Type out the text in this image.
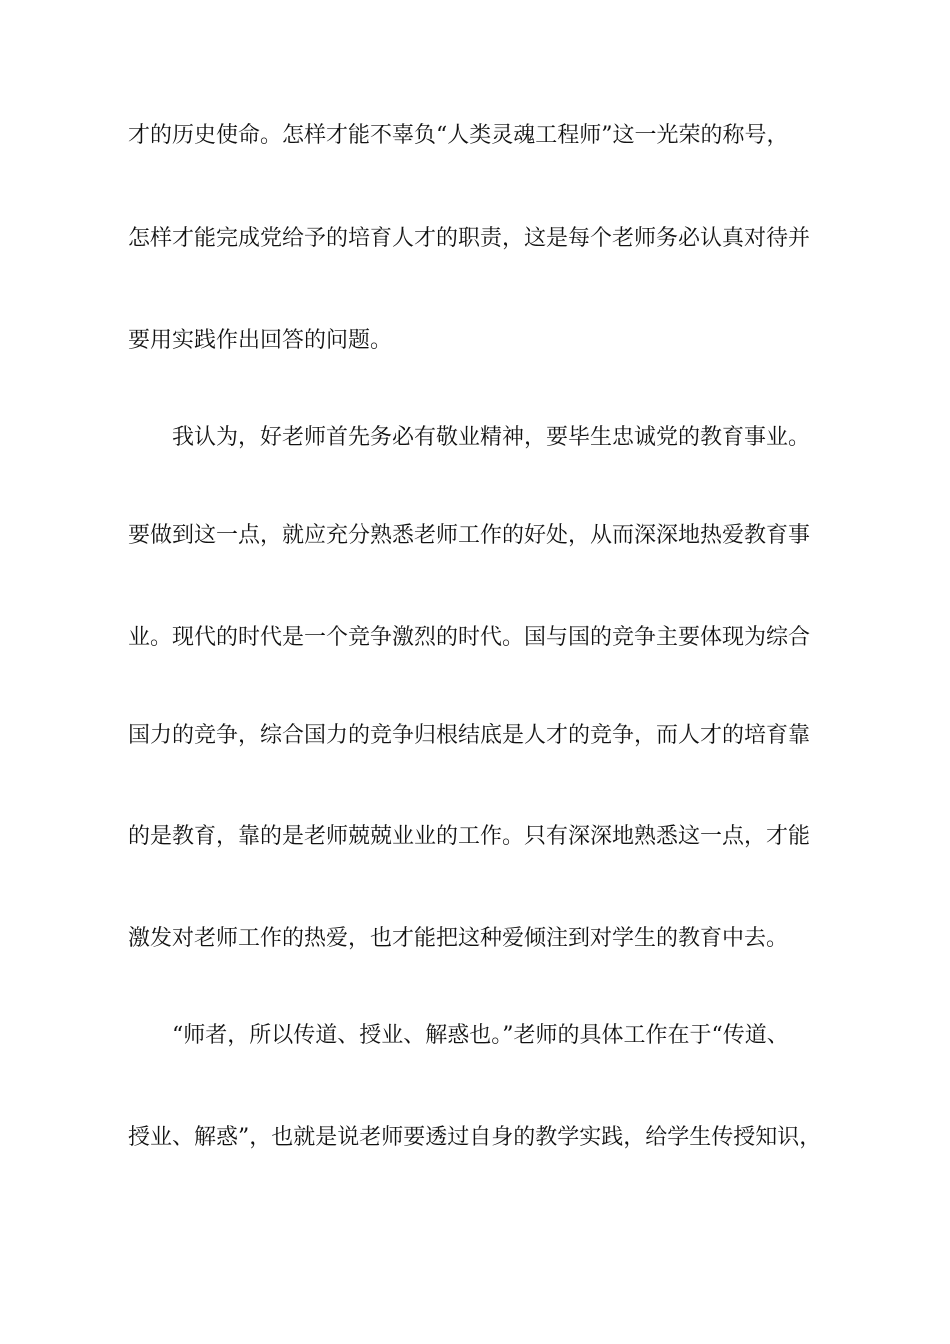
才的历史使命。怎样才能不辜负“人类灵魂工程师”这一光荣的称号，
怎样才能完成党给予的培育人才的职责，这是每个老师务必认真对待并
要用实践作出回答的问题。
我认为，好老师首先务必有敬业精神，要毕生忠诚党的教育事业。
要做到这一点，就应充分熟悉老师工作的好处，从而深深地热爱教育事
业。现代的时代是一个竞争激烈的时代。国与国的竞争主要体现为综合
国力的竞争，综合国力的竞争归根结底是人才的竞争，而人才的培育靠
的是教育，靠的是老师兢兢业业的工作。只有深深地熟悉这一点，才能
激发对老师工作的热爱，也才能把这种爱倾注到对学生的教育中去。
“师者，所以传道、授业、解惑也。”老师的具体工作在于“传道、
授业、解惑”，也就是说老师要透过自身的教学实践，给学生传授知识，
